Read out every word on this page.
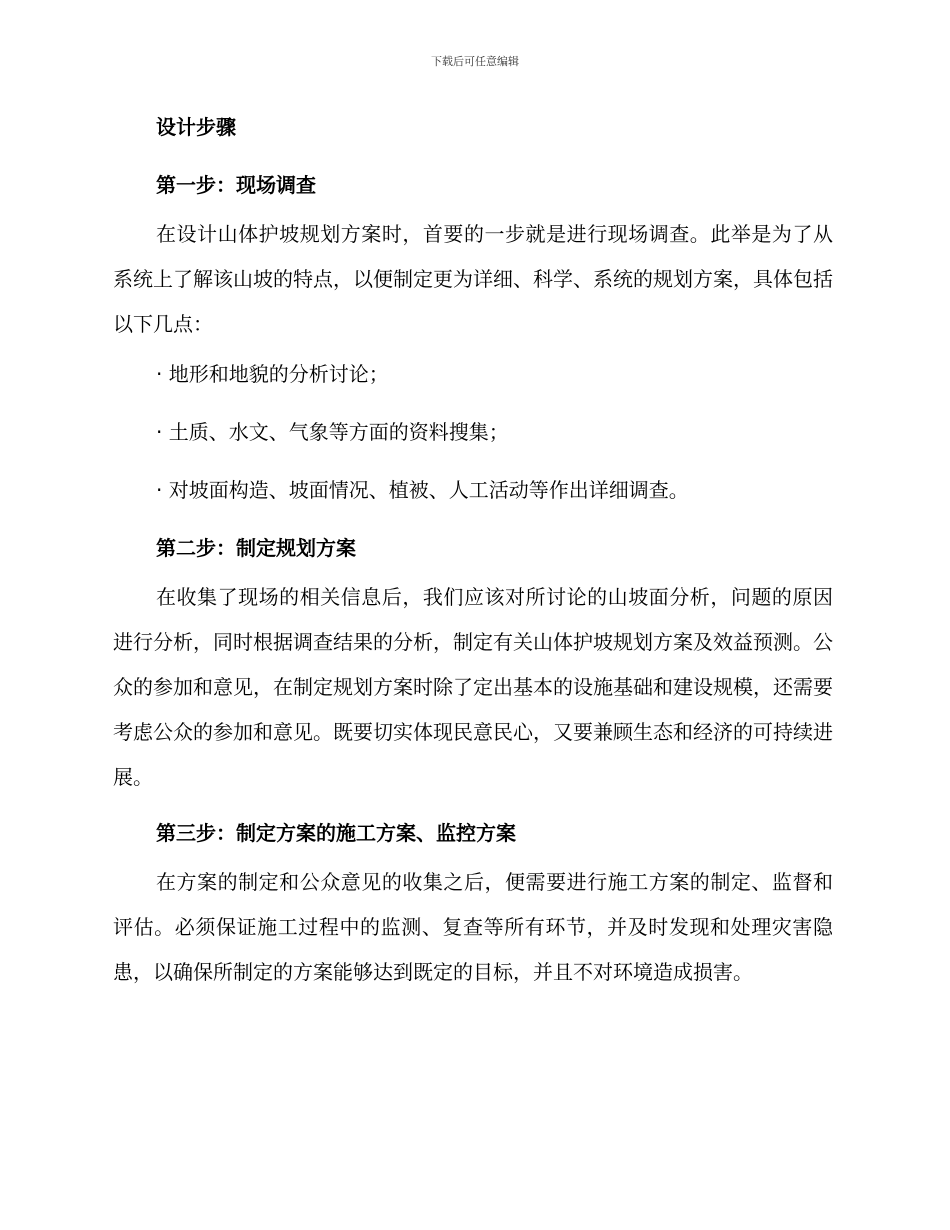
下载后可任意编辑

设计步骤

第一步：现场调查

在设计山体护坡规划方案时，首要的一步就是进行现场调查。此举是为了从系统上了解该山坡的特点，以便制定更为详细、科学、系统的规划方案，具体包括以下几点：

· 地形和地貌的分析讨论；

· 土质、水文、气象等方面的资料搜集；

· 对坡面构造、坡面情况、植被、人工活动等作出详细调查。

第二步：制定规划方案

在收集了现场的相关信息后，我们应该对所讨论的山坡面分析，问题的原因进行分析，同时根据调查结果的分析，制定有关山体护坡规划方案及效益预测。公众的参加和意见，在制定规划方案时除了定出基本的设施基础和建设规模，还需要考虑公众的参加和意见。既要切实体现民意民心，又要兼顾生态和经济的可持续进展。

第三步：制定方案的施工方案、监控方案

在方案的制定和公众意见的收集之后，便需要进行施工方案的制定、监督和评估。必须保证施工过程中的监测、复查等所有环节，并及时发现和处理灾害隐患，以确保所制定的方案能够达到既定的目标，并且不对环境造成损害。
